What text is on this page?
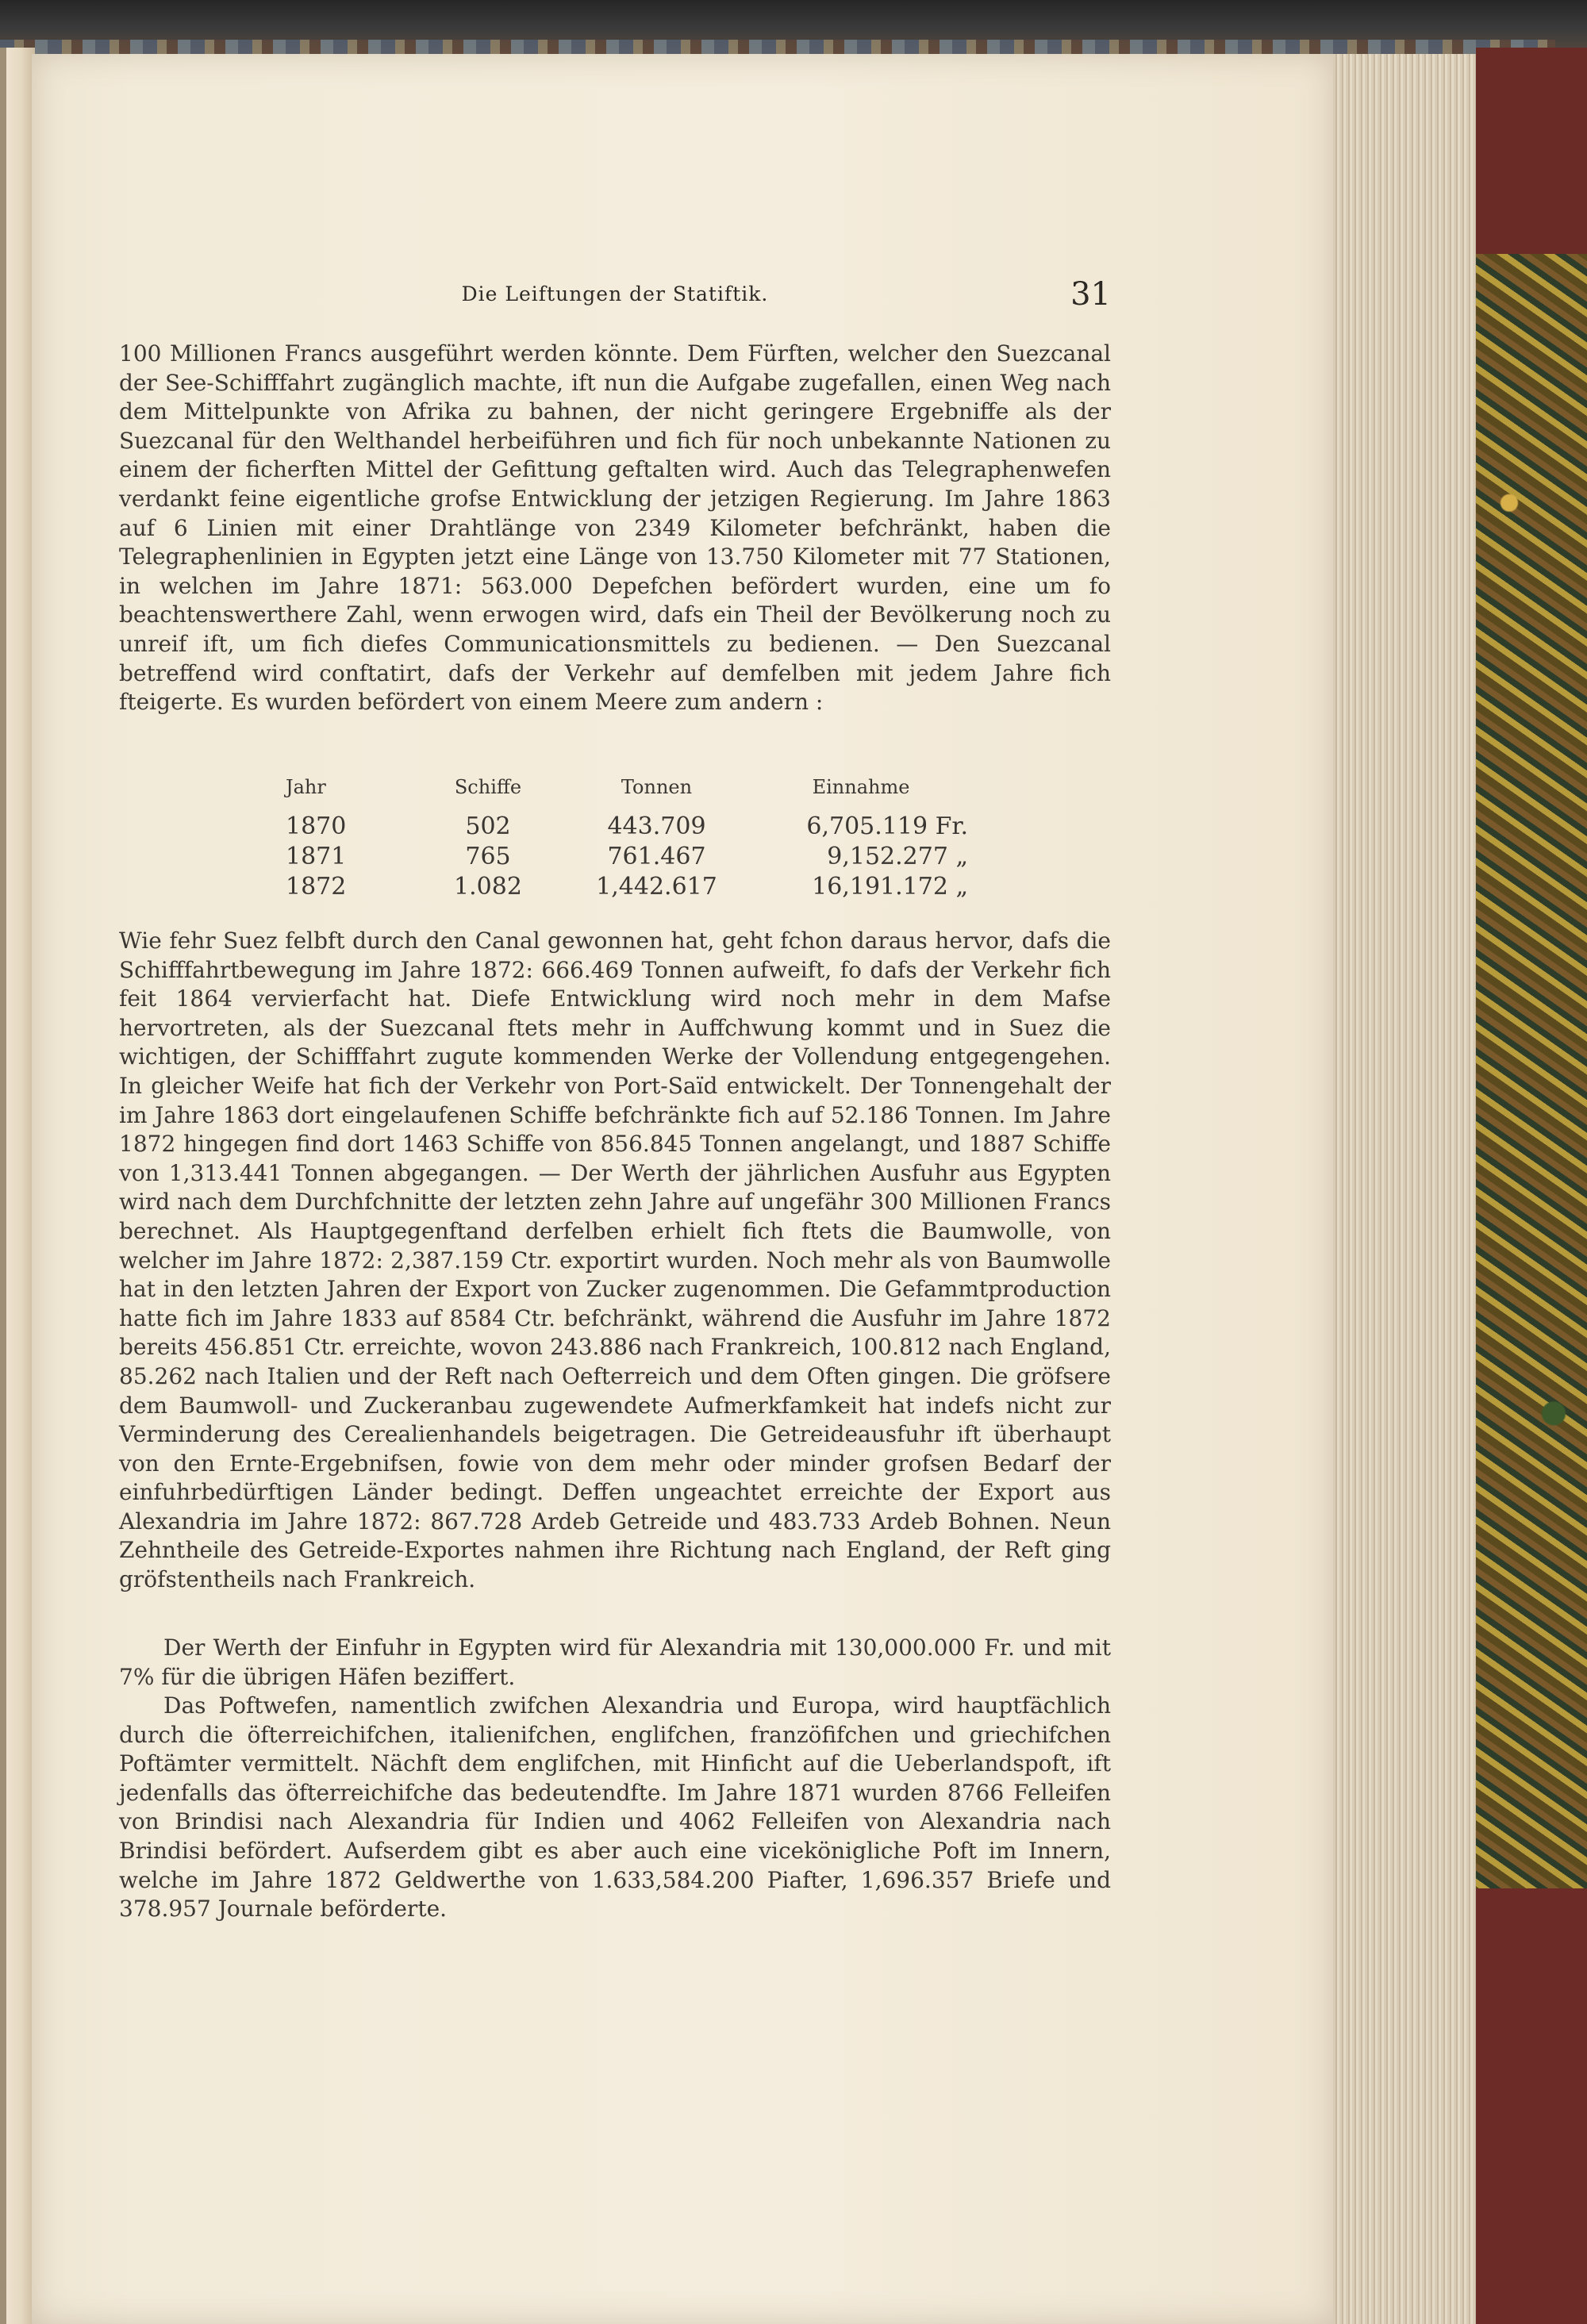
Die Leiftungen der Statiftik.	31

100 Millionen Francs ausgeführt werden könnte. Dem Fürften, welcher den Suezcanal der See-Schifffahrt zugänglich machte, ift nun die Aufgabe zugefallen, einen Weg nach dem Mittelpunkte von Afrika zu bahnen, der nicht geringere Ergebniffe als der Suezcanal für den Welthandel herbeiführen und fich für noch unbekannte Nationen zu einem der ficherften Mittel der Gefittung geftalten wird. Auch das Telegraphenwefen verdankt feine eigentliche grofse Entwicklung der jetzigen Regierung. Im Jahre 1863 auf 6 Linien mit einer Drahtlänge von 2349 Kilometer befchränkt, haben die Telegraphenlinien in Egypten jetzt eine Länge von 13.750 Kilometer mit 77 Stationen, in welchen im Jahre 1871: 563.000 Depefchen befördert wurden, eine um fo beachtenswerthere Zahl, wenn erwogen wird, dafs ein Theil der Bevölkerung noch zu unreif ift, um fich diefes Communicationsmittels zu bedienen. — Den Suezcanal betreffend wird conftatirt, dafs der Verkehr auf demfelben mit jedem Jahre fich fteigerte. Es wurden befördert von einem Meere zum andern :

Jahr	Schiffe	Tonnen	Einnahme
1870	502	443.709	6,705.119 Fr.
1871	765	761.467	9,152.277 „
1872	1.082	1,442.617	16,191.172 „

Wie fehr Suez felbft durch den Canal gewonnen hat, geht fchon daraus hervor, dafs die Schifffahrtbewegung im Jahre 1872: 666.469 Tonnen aufweift, fo dafs der Verkehr fich feit 1864 vervierfacht hat. Diefe Entwicklung wird noch mehr in dem Mafse hervortreten, als der Suezcanal ftets mehr in Auffchwung kommt und in Suez die wichtigen, der Schifffahrt zugute kommenden Werke der Vollendung entgegengehen. In gleicher Weife hat fich der Verkehr von Port-Saïd entwickelt. Der Tonnengehalt der im Jahre 1863 dort eingelaufenen Schiffe befchränkte fich auf 52.186 Tonnen. Im Jahre 1872 hingegen find dort 1463 Schiffe von 856.845 Tonnen angelangt, und 1887 Schiffe von 1,313.441 Tonnen abgegangen. — Der Werth der jährlichen Ausfuhr aus Egypten wird nach dem Durchfchnitte der letzten zehn Jahre auf ungefähr 300 Millionen Francs berechnet. Als Hauptgegenftand derfelben erhielt fich ftets die Baumwolle, von welcher im Jahre 1872: 2,387.159 Ctr. exportirt wurden. Noch mehr als von Baumwolle hat in den letzten Jahren der Export von Zucker zugenommen. Die Gefammtproduction hatte fich im Jahre 1833 auf 8584 Ctr. befchränkt, während die Ausfuhr im Jahre 1872 bereits 456.851 Ctr. erreichte, wovon 243.886 nach Frankreich, 100.812 nach England, 85.262 nach Italien und der Reft nach Oefterreich und dem Often gingen. Die gröfsere dem Baumwoll- und Zuckeranbau zugewendete Aufmerkfamkeit hat indefs nicht zur Verminderung des Cerealienhandels beigetragen. Die Getreideausfuhr ift überhaupt von den Ernte-Ergebnifsen, fowie von dem mehr oder minder grofsen Bedarf der einfuhrbedürftigen Länder bedingt. Deffen ungeachtet erreichte der Export aus Alexandria im Jahre 1872: 867.728 Ardeb Getreide und 483.733 Ardeb Bohnen. Neun Zehntheile des Getreide-Exportes nahmen ihre Richtung nach England, der Reft ging gröfstentheils nach Frankreich.

Der Werth der Einfuhr in Egypten wird für Alexandria mit 130,000.000 Fr. und mit 7% für die übrigen Häfen beziffert.

Das Poftwefen, namentlich zwifchen Alexandria und Europa, wird hauptfächlich durch die öfterreichifchen, italienifchen, englifchen, franzöfifchen und griechifchen Poftämter vermittelt. Nächft dem englifchen, mit Hinficht auf die Ueberlandspoft, ift jedenfalls das öfterreichifche das bedeutendfte. Im Jahre 1871 wurden 8766 Felleifen von Brindisi nach Alexandria für Indien und 4062 Felleifen von Alexandria nach Brindisi befördert. Aufserdem gibt es aber auch eine vicekönigliche Poft im Innern, welche im Jahre 1872 Geldwerthe von 1.633,584.200 Piafter, 1,696.357 Briefe und 378.957 Journale beförderte.
